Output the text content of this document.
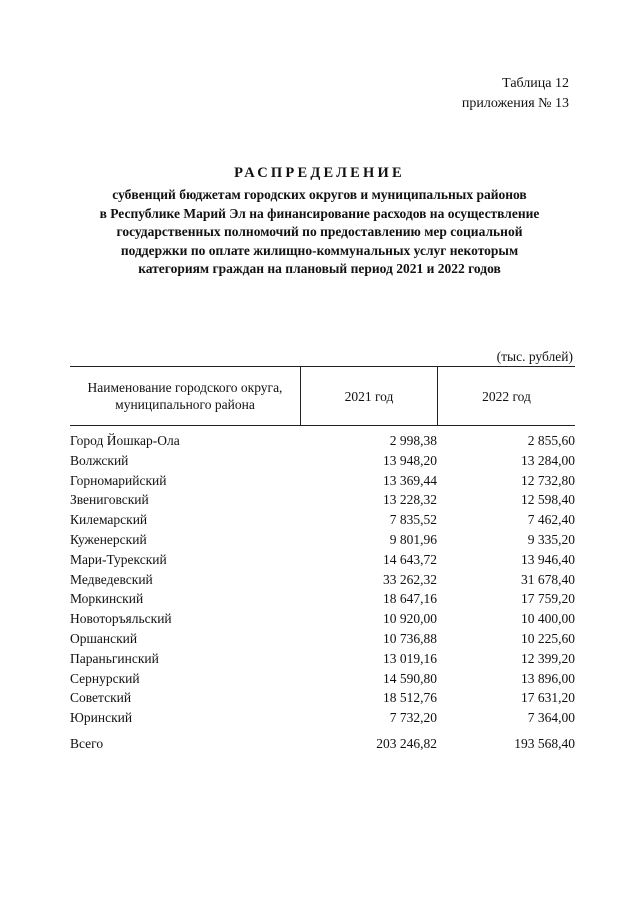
Таблица 12
приложения № 13
РАСПРЕДЕЛЕНИЕ
субвенций бюджетам городских округов и муниципальных районов
в Республике Марий Эл на финансирование расходов на осуществление
государственных полномочий по предоставлению мер социальной
поддержки по оплате жилищно-коммунальных услуг некоторым
категориям граждан на плановый период 2021 и 2022 годов
(тыс. рублей)
Наименование городского округа,
муниципального района
2021 год	2022 год
Город Йошкар-Ола	2 998,38	2 855,60
Волжский	13 948,20	13 284,00
Горномарийский	13 369,44	12 732,80
Звениговский	13 228,32	12 598,40
Килемарский	7 835,52	7 462,40
Куженерский	9 801,96	9 335,20
Мари-Турекский	14 643,72	13 946,40
Медведевский	33 262,32	31 678,40
Моркинский	18 647,16	17 759,20
Новоторъяльский	10 920,00	10 400,00
Оршанский	10 736,88	10 225,60
Параньгинский	13 019,16	12 399,20
Сернурский	14 590,80	13 896,00
Советский	18 512,76	17 631,20
Юринский	7 732,20	7 364,00
Всего	203 246,82	193 568,40
